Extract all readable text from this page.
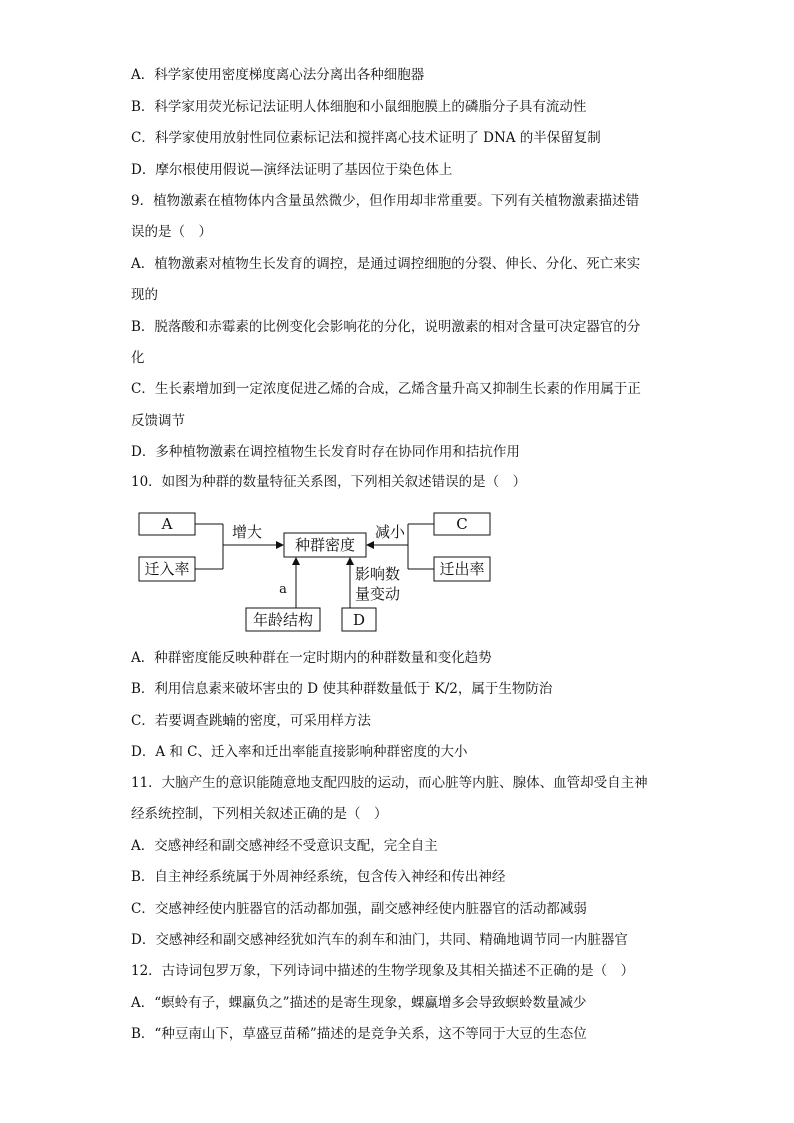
A．科学家使用密度梯度离心法分离出各种细胞器
B．科学家用荧光标记法证明人体细胞和小鼠细胞膜上的磷脂分子具有流动性
C．科学家使用放射性同位素标记法和搅拌离心技术证明了 DNA 的半保留复制
D．摩尔根使用假说—演绎法证明了基因位于染色体上
9．植物激素在植物体内含量虽然微少，但作用却非常重要。下列有关植物激素描述错
误的是（　）
A．植物激素对植物生长发育的调控，是通过调控细胞的分裂、伸长、分化、死亡来实
现的
B．脱落酸和赤霉素的比例变化会影响花的分化，说明激素的相对含量可决定器官的分
化
C．生长素增加到一定浓度促进乙烯的合成，乙烯含量升高又抑制生长素的作用属于正
反馈调节
D．多种植物激素在调控植物生长发育时存在协同作用和拮抗作用
10．如图为种群的数量特征关系图，下列相关叙述错误的是（　）
A
迁入率
增大
种群密度
减小	C
迁出率
a
年龄结构	D
影响数
量变动
A．种群密度能反映种群在一定时期内的种群数量和变化趋势
B．利用信息素来破坏害虫的 D 使其种群数量低于 K/2，属于生物防治
C．若要调查跳蝻的密度，可采用样方法
D．A 和 C、迁入率和迁出率能直接影响种群密度的大小
11．大脑产生的意识能随意地支配四肢的运动，而心脏等内脏、腺体、血管却受自主神
经系统控制，下列相关叙述正确的是（　）
A．交感神经和副交感神经不受意识支配，完全自主
B．自主神经系统属于外周神经系统，包含传入神经和传出神经
C．交感神经使内脏器官的活动都加强，副交感神经使内脏器官的活动都减弱
D．交感神经和副交感神经犹如汽车的刹车和油门，共同、精确地调节同一内脏器官
12．古诗词包罗万象，下列诗词中描述的生物学现象及其相关描述不正确的是（　）
A．“螟蛉有子，蜾蠃负之”描述的是寄生现象，蜾蠃增多会导致螟蛉数量减少
B．“种豆南山下，草盛豆苗稀”描述的是竞争关系，这不等同于大豆的生态位
